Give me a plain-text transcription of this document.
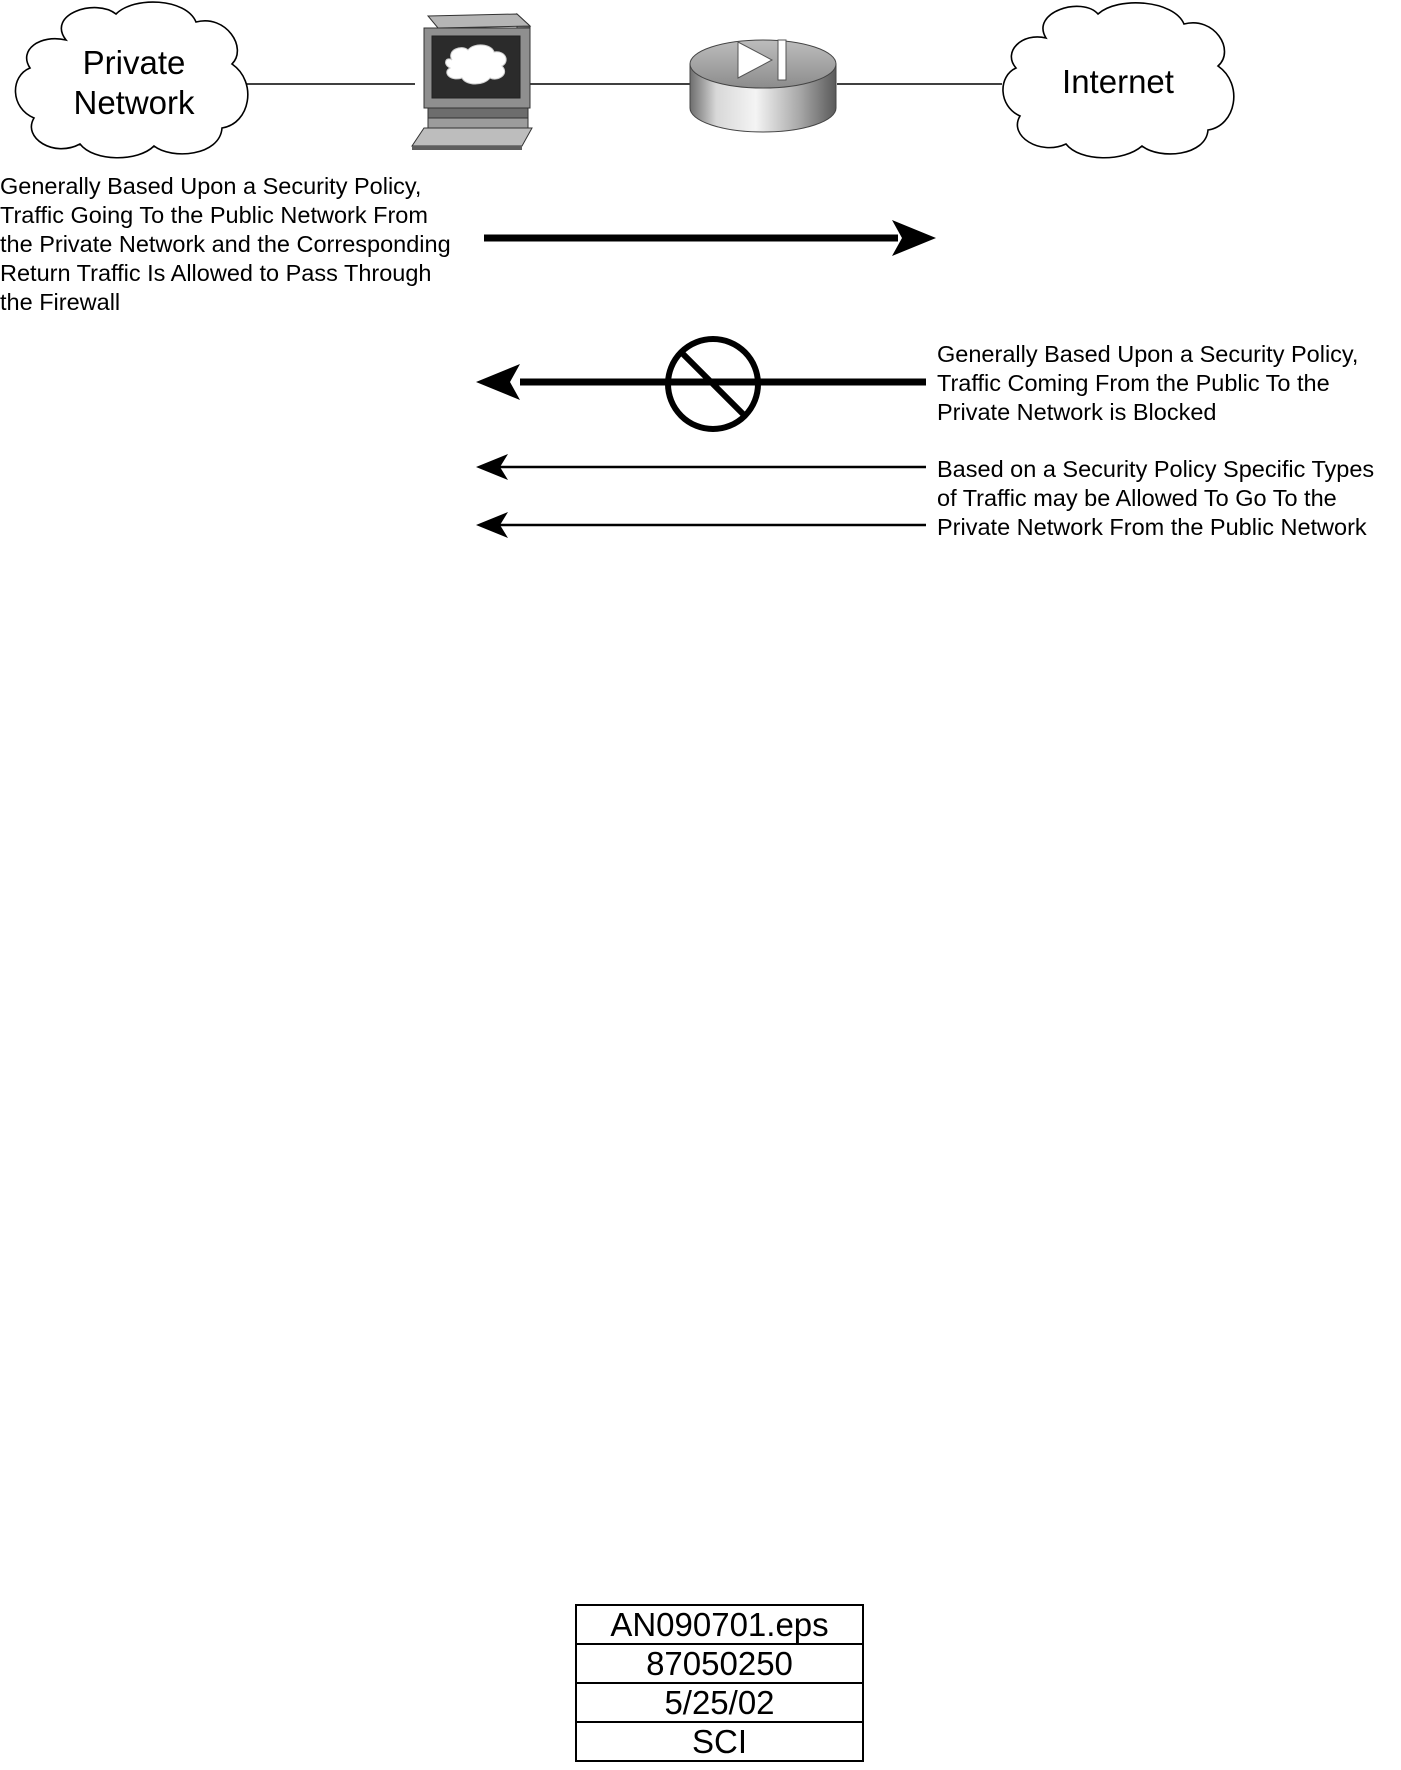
Private
Network
Internet
Generally Based Upon a Security Policy,
Traffic Going To the Public Network From
the Private Network and the Corresponding
Return Traffic Is Allowed to Pass Through
the Firewall
Generally Based Upon a Security Policy,
Traffic Coming From the Public To the
Private Network is Blocked
Based on a Security Policy Specific Types
of Traffic may be Allowed To Go To the
Private Network From the Public Network
AN090701.eps
87050250
5/25/02
SCI
